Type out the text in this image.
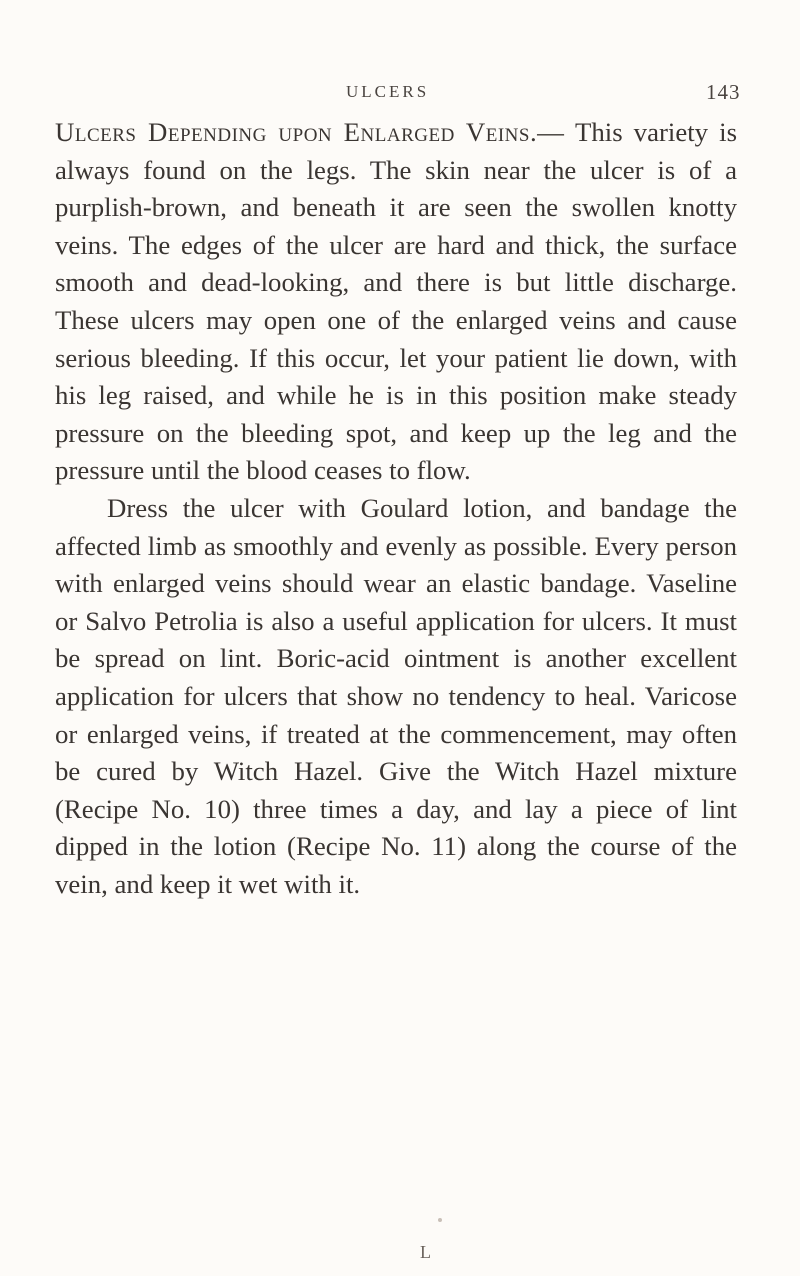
ULCERS	143

Ulcers Depending upon Enlarged Veins.— This variety is always found on the legs. The skin near the ulcer is of a purplish-brown, and beneath it are seen the swollen knotty veins. The edges of the ulcer are hard and thick, the surface smooth and dead-looking, and there is but little discharge. These ulcers may open one of the enlarged veins and cause serious bleeding. If this occur, let your patient lie down, with his leg raised, and while he is in this position make steady pressure on the bleeding spot, and keep up the leg and the pressure until the blood ceases to flow.

Dress the ulcer with Goulard lotion, and bandage the affected limb as smoothly and evenly as possible. Every person with enlarged veins should wear an elastic bandage. Vaseline or Salvo Petrolia is also a useful application for ulcers. It must be spread on lint. Boric-acid ointment is another excellent application for ulcers that show no tendency to heal. Varicose or enlarged veins, if treated at the commencement, may often be cured by Witch Hazel. Give the Witch Hazel mixture (Recipe No. 10) three times a day, and lay a piece of lint dipped in the lotion (Recipe No. 11) along the course of the vein, and keep it wet with it.

L
